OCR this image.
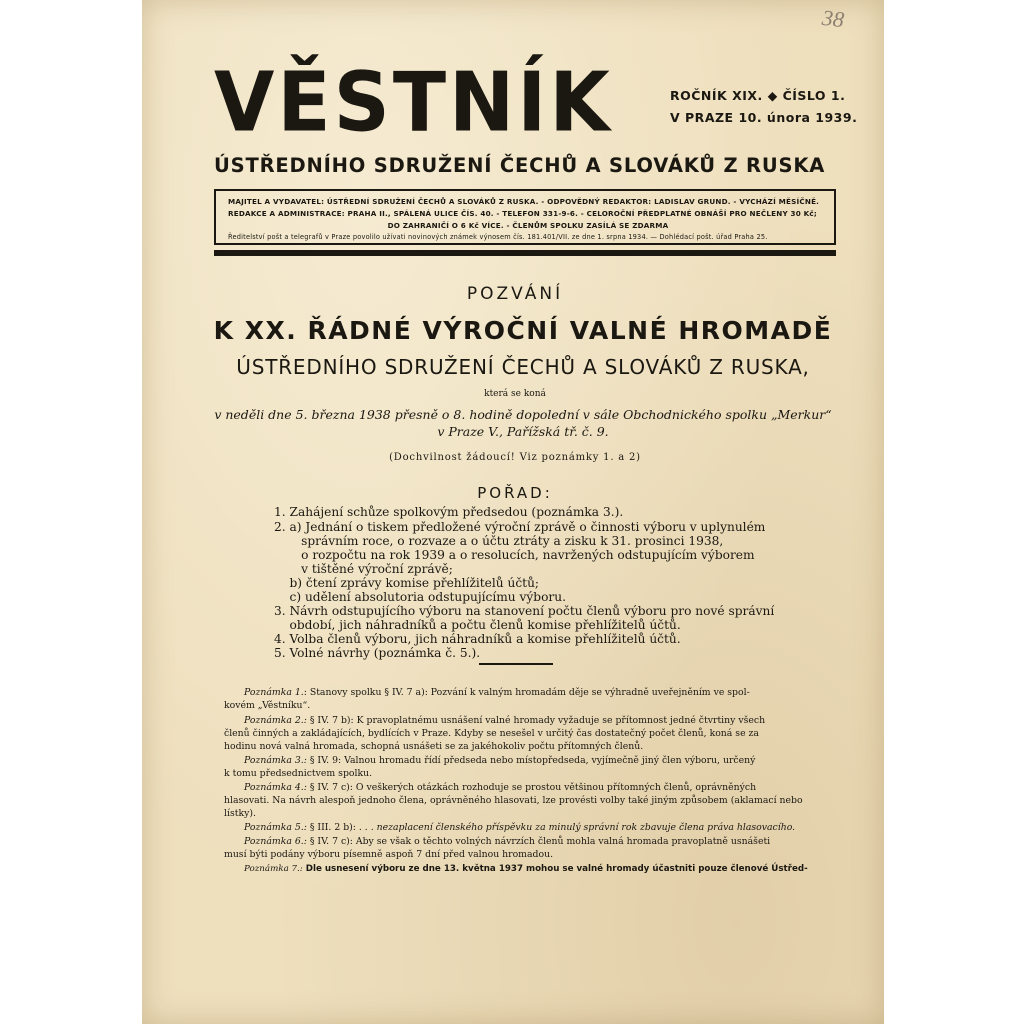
38
VĚSTNÍK	ROČNÍK XIX. ◆ ČÍSLO 1.
V PRAZE 10. února 1939.
ÚSTŘEDNÍHO SDRUŽENÍ ČECHŮ A SLOVÁKŮ Z RUSKA
MAJITEL A VYDAVATEL: ÚSTŘEDNÍ SDRUŽENÍ ČECHŮ A SLOVÁKŮ Z RUSKA. - ODPOVĚDNÝ REDAKTOR: LADISLAV GRUND. - VYCHÁZÍ MĚSÍČNĚ.
REDAKCE A ADMINISTRACE: PRAHA II., SPÁLENÁ ULICE ČÍS. 40. - TELEFON 331-9-6. - CELOROČNÍ PŘEDPLATNÉ OBNÁŠÍ PRO NEČLENY 30 Kč;
DO ZAHRANIČÍ O 6 Kč VÍCE. - ČLENŮM SPOLKU ZASÍLÁ SE ZDARMA
Ředitelství pošt a telegrafů v Praze povolilo užívati novinových známek výnosem čís. 181.401/VII. ze dne 1. srpna 1934. — Dohlédací pošt. úřad Praha 25.
POZVÁNÍ
K XX. ŘÁDNÉ VÝROČNÍ VALNÉ HROMADĚ
ÚSTŘEDNÍHO SDRUŽENÍ ČECHŮ A SLOVÁKŮ Z RUSKA,
která se koná
v neděli dne 5. března 1938 přesně o 8. hodině dopolední v sále Obchodnického spolku „Merkur“
v Praze V., Pařížská tř. č. 9.
(Dochvilnost žádoucí! Viz poznámky 1. a 2)
POŘAD:
1. Zahájení schůze spolkovým předsedou (poznámka 3.).
2. a) Jednání o tiskem předložené výroční zprávě o činnosti výboru v uplynulém
správním roce, o rozvaze a o účtu ztráty a zisku k 31. prosinci 1938,
o rozpočtu na rok 1939 a o resolucích, navržených odstupujícím výborem
v tištěné výroční zprávě;
b) čtení zprávy komise přehlížitelů účtů;
c) udělení absolutoria odstupujícímu výboru.
3. Návrh odstupujícího výboru na stanovení počtu členů výboru pro nové správní
období, jich náhradníků a počtu členů komise přehlížitelů účtů.
4. Volba členů výboru, jich náhradníků a komise přehlížitelů účtů.
5. Volné návrhy (poznámka č. 5.).
Poznámka 1.: Stanovy spolku § IV. 7 a): Pozvání k valným hromadám děje se výhradně uveřejněním ve spol-
kovém „Věstníku“.
Poznámka 2.: § IV. 7 b): K pravoplatnému usnášení valné hromady vyžaduje se přítomnost jedné čtvrtiny všech
členů činných a zakládajících, bydlících v Praze. Kdyby se nesešel v určitý čas dostatečný počet členů, koná se za
hodinu nová valná hromada, schopná usnášeti se za jakéhokoliv počtu přítomných členů.
Poznámka 3.: § IV. 9: Valnou hromadu řídí předseda nebo místopředseda, vyjímečně jiný člen výboru, určený
k tomu předsednictvem spolku.
Poznámka 4.: § IV. 7 c): O veškerých otázkách rozhoduje se prostou většinou přítomných členů, oprávněných
hlasovati. Na návrh alespoň jednoho člena, oprávněného hlasovati, lze provésti volby také jiným způsobem (aklamací nebo
lístky).
Poznámka 5.: § III. 2 b): . . . nezaplacení členského příspěvku za minulý správní rok zbavuje člena práva hlasovacího.
Poznámka 6.: § IV. 7 c): Aby se však o těchto volných návrzích členů mohla valná hromada pravoplatně usnášeti
musí býti podány výboru písemně aspoň 7 dní před valnou hromadou.
Poznámka 7.: Dle usnesení výboru ze dne 13. května 1937 mohou se valné hromady účastniti pouze členové Ústřed-
